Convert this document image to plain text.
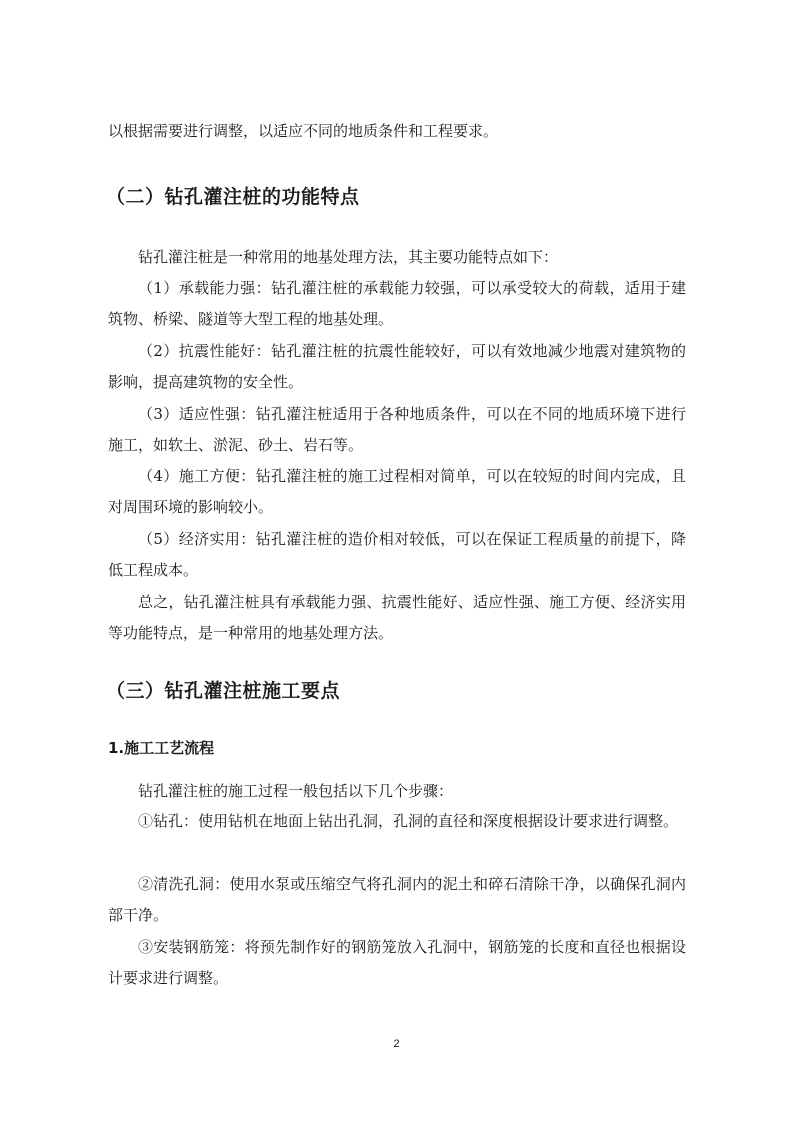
以根据需要进行调整，以适应不同的地质条件和工程要求。

（二）钻孔灌注桩的功能特点

钻孔灌注桩是一种常用的地基处理方法，其主要功能特点如下：

（1）承载能力强：钻孔灌注桩的承载能力较强，可以承受较大的荷载，适用于建筑物、桥梁、隧道等大型工程的地基处理。

（2）抗震性能好：钻孔灌注桩的抗震性能较好，可以有效地减少地震对建筑物的影响，提高建筑物的安全性。

（3）适应性强：钻孔灌注桩适用于各种地质条件，可以在不同的地质环境下进行施工，如软土、淤泥、砂土、岩石等。

（4）施工方便：钻孔灌注桩的施工过程相对简单，可以在较短的时间内完成，且对周围环境的影响较小。

（5）经济实用：钻孔灌注桩的造价相对较低，可以在保证工程质量的前提下，降低工程成本。

总之，钻孔灌注桩具有承载能力强、抗震性能好、适应性强、施工方便、经济实用等功能特点，是一种常用的地基处理方法。

（三）钻孔灌注桩施工要点
1.施工工艺流程

钻孔灌注桩的施工过程一般包括以下几个步骤：

①钻孔：使用钻机在地面上钻出孔洞，孔洞的直径和深度根据设计要求进行调整。

②清洗孔洞：使用水泵或压缩空气将孔洞内的泥土和碎石清除干净，以确保孔洞内部干净。

③安装钢筋笼：将预先制作好的钢筋笼放入孔洞中，钢筋笼的长度和直径也根据设计要求进行调整。

2
